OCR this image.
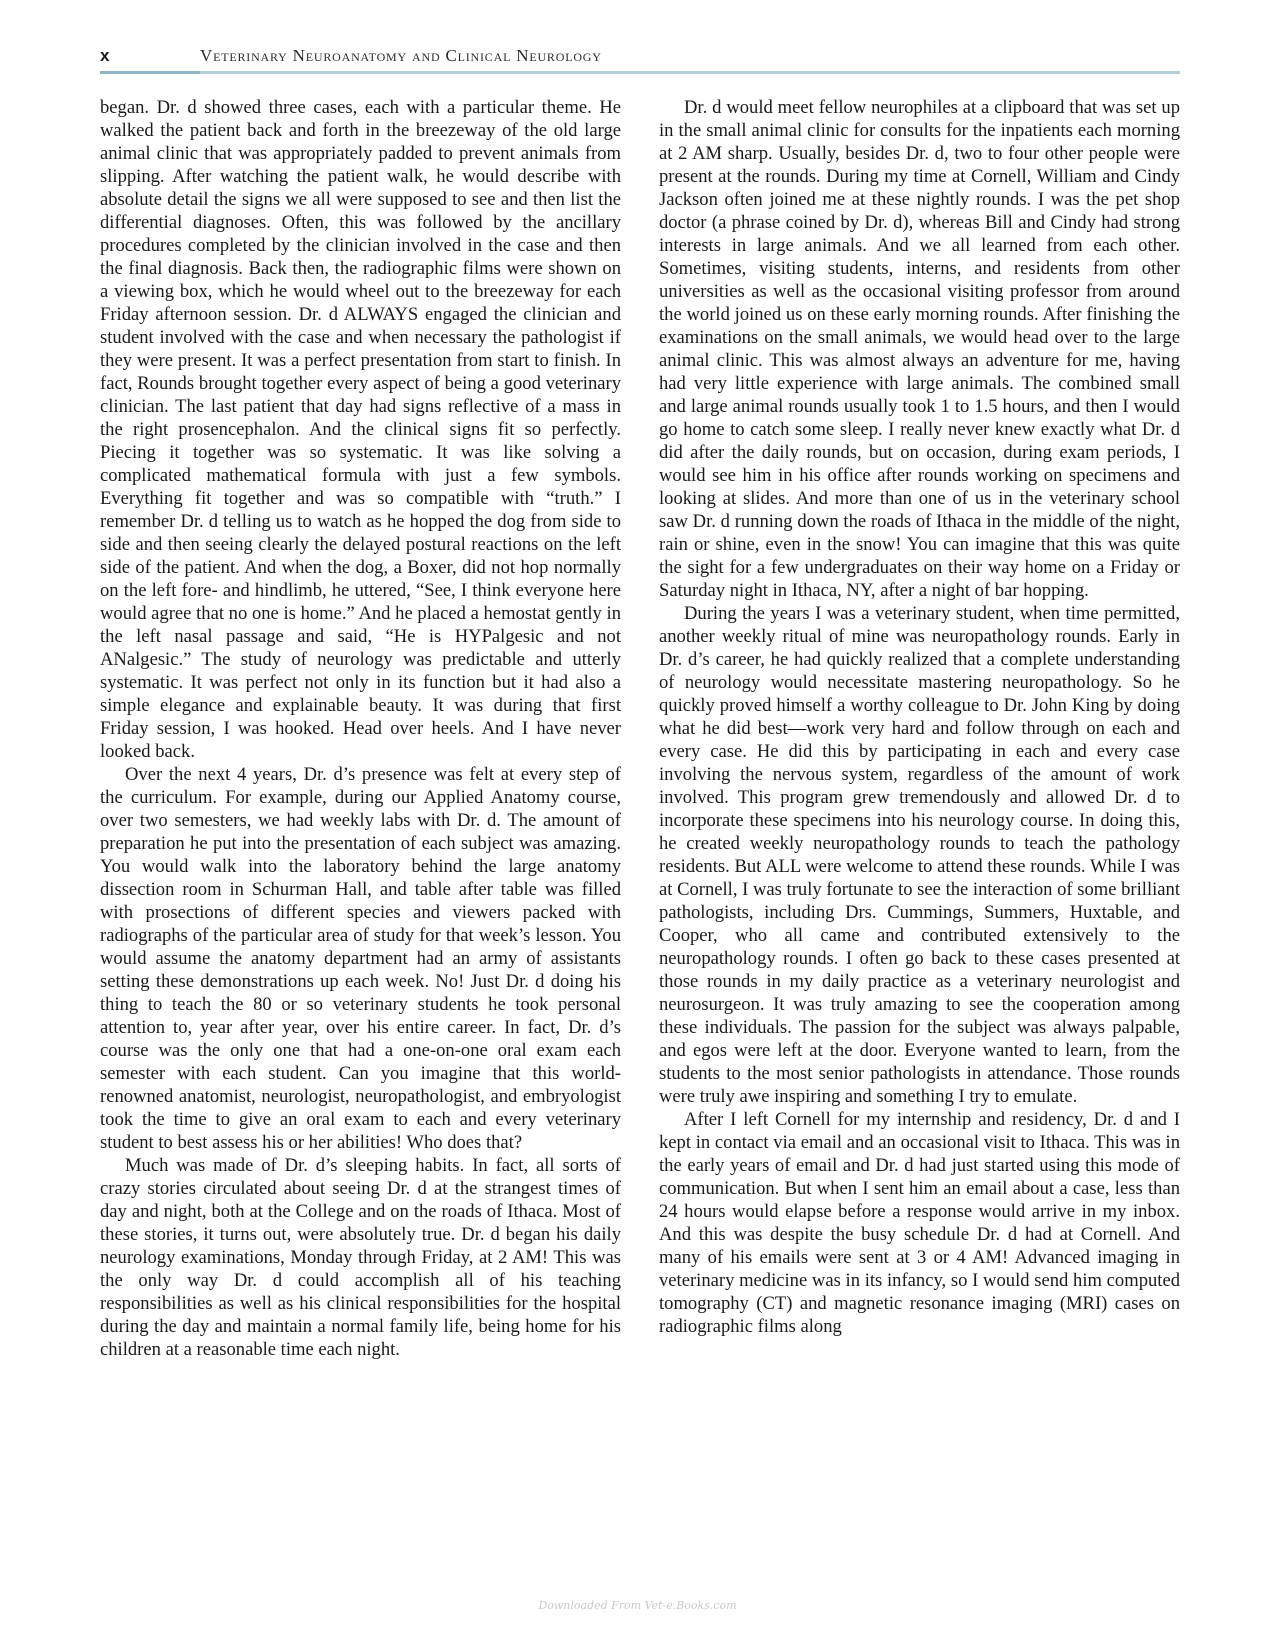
x	Veterinary Neuroanatomy and Clinical Neurology

began. Dr. d showed three cases, each with a particular theme. He walked the patient back and forth in the breezeway of the old large animal clinic that was appropriately padded to prevent animals from slipping. After watching the patient walk, he would describe with absolute detail the signs we all were supposed to see and then list the differential diagnoses. Often, this was followed by the ancillary procedures completed by the clinician involved in the case and then the final diagnosis. Back then, the radiographic films were shown on a viewing box, which he would wheel out to the breezeway for each Friday afternoon session. Dr. d ALWAYS engaged the clinician and student involved with the case and when necessary the pathologist if they were present. It was a perfect presentation from start to finish. In fact, Rounds brought together every aspect of being a good veterinary clinician. The last patient that day had signs reflective of a mass in the right prosencephalon. And the clinical signs fit so perfectly. Piecing it together was so systematic. It was like solving a complicated mathematical formula with just a few symbols. Everything fit together and was so compatible with “truth.” I remember Dr. d telling us to watch as he hopped the dog from side to side and then seeing clearly the delayed postural reactions on the left side of the patient. And when the dog, a Boxer, did not hop normally on the left fore- and hindlimb, he uttered, “See, I think everyone here would agree that no one is home.” And he placed a hemostat gently in the left nasal passage and said, “He is HYPalgesic and not ANalgesic.” The study of neurology was predictable and utterly systematic. It was perfect not only in its function but it had also a simple elegance and explainable beauty. It was during that first Friday session, I was hooked. Head over heels. And I have never looked back.

Over the next 4 years, Dr. d’s presence was felt at every step of the curriculum. For example, during our Applied Anatomy course, over two semesters, we had weekly labs with Dr. d. The amount of preparation he put into the presentation of each subject was amazing. You would walk into the laboratory behind the large anatomy dissection room in Schurman Hall, and table after table was filled with prosections of different species and viewers packed with radiographs of the particular area of study for that week’s lesson. You would assume the anatomy department had an army of assistants setting these demonstrations up each week. No! Just Dr. d doing his thing to teach the 80 or so veterinary students he took personal attention to, year after year, over his entire career. In fact, Dr. d’s course was the only one that had a one-on-one oral exam each semester with each student. Can you imagine that this world-renowned anatomist, neurologist, neuropathologist, and embryologist took the time to give an oral exam to each and every veterinary student to best assess his or her abilities! Who does that?

Much was made of Dr. d’s sleeping habits. In fact, all sorts of crazy stories circulated about seeing Dr. d at the strangest times of day and night, both at the College and on the roads of Ithaca. Most of these stories, it turns out, were absolutely true. Dr. d began his daily neurology examinations, Monday through Friday, at 2 AM! This was the only way Dr. d could accomplish all of his teaching responsibilities as well as his clinical responsibilities for the hospital during the day and maintain a normal family life, being home for his children at a reasonable time each night.

Dr. d would meet fellow neurophiles at a clipboard that was set up in the small animal clinic for consults for the inpatients each morning at 2 AM sharp. Usually, besides Dr. d, two to four other people were present at the rounds. During my time at Cornell, William and Cindy Jackson often joined me at these nightly rounds. I was the pet shop doctor (a phrase coined by Dr. d), whereas Bill and Cindy had strong interests in large animals. And we all learned from each other. Sometimes, visiting students, interns, and residents from other universities as well as the occasional visiting professor from around the world joined us on these early morning rounds. After finishing the examinations on the small animals, we would head over to the large animal clinic. This was almost always an adventure for me, having had very little experience with large animals. The combined small and large animal rounds usually took 1 to 1.5 hours, and then I would go home to catch some sleep. I really never knew exactly what Dr. d did after the daily rounds, but on occasion, during exam periods, I would see him in his office after rounds working on specimens and looking at slides. And more than one of us in the veterinary school saw Dr. d running down the roads of Ithaca in the middle of the night, rain or shine, even in the snow! You can imagine that this was quite the sight for a few undergraduates on their way home on a Friday or Saturday night in Ithaca, NY, after a night of bar hopping.

During the years I was a veterinary student, when time permitted, another weekly ritual of mine was neuropathology rounds. Early in Dr. d’s career, he had quickly realized that a complete understanding of neurology would necessitate mastering neuropathology. So he quickly proved himself a worthy colleague to Dr. John King by doing what he did best—work very hard and follow through on each and every case. He did this by participating in each and every case involving the nervous system, regardless of the amount of work involved. This program grew tremendously and allowed Dr. d to incorporate these specimens into his neurology course. In doing this, he created weekly neuropathology rounds to teach the pathology residents. But ALL were welcome to attend these rounds. While I was at Cornell, I was truly fortunate to see the interaction of some brilliant pathologists, including Drs. Cummings, Summers, Huxtable, and Cooper, who all came and contributed extensively to the neuropathology rounds. I often go back to these cases presented at those rounds in my daily practice as a veterinary neurologist and neurosurgeon. It was truly amazing to see the cooperation among these individuals. The passion for the subject was always palpable, and egos were left at the door. Everyone wanted to learn, from the students to the most senior pathologists in attendance. Those rounds were truly awe inspiring and something I try to emulate.

After I left Cornell for my internship and residency, Dr. d and I kept in contact via email and an occasional visit to Ithaca. This was in the early years of email and Dr. d had just started using this mode of communication. But when I sent him an email about a case, less than 24 hours would elapse before a response would arrive in my inbox. And this was despite the busy schedule Dr. d had at Cornell. And many of his emails were sent at 3 or 4 AM! Advanced imaging in veterinary medicine was in its infancy, so I would send him computed tomography (CT) and magnetic resonance imaging (MRI) cases on radiographic films along

Downloaded From Vet-e.Books.com
